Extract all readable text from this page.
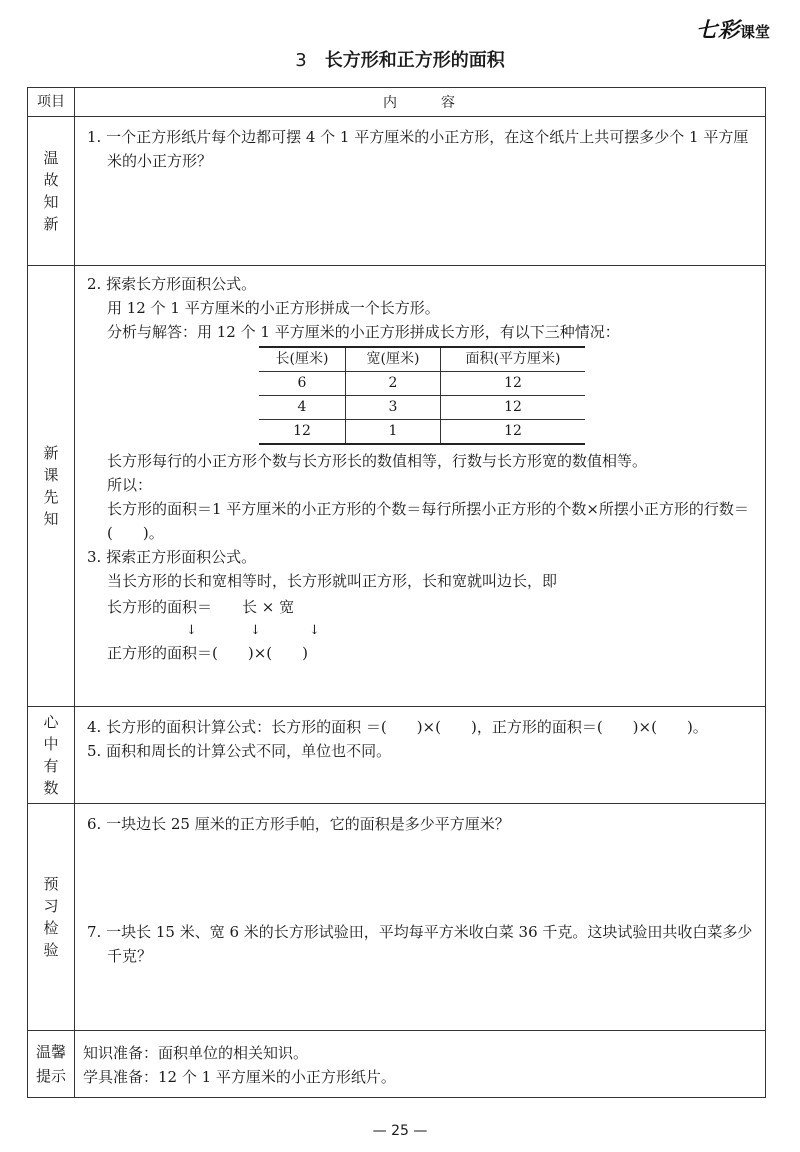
七彩课堂
3 长方形和正方形的面积
项目	内	容
温故知新	

1. 一个正方形纸片每个边都可摆 4 个 1 平方厘米的小正方形，在这个纸片上共可摆多少个 1 平方厘米的小正方形？

新课先知	

2. 探索长方形面积公式。

用 12 个 1 平方厘米的小正方形拼成一个长方形。

分析与解答：用 12 个 1 平方厘米的小正方形拼成长方形，有以下三种情况：

长(厘米)	宽(厘米)	面积(平方厘米)
6	2	12
4	3	12
12	1	12

长方形每行的小正方形个数与长方形长的数值相等，行数与长方形宽的数值相等。

所以：

长方形的面积＝1 平方厘米的小正方形的个数＝每行所摆小正方形的个数×所摆小正方形的行数＝(　　)。

3. 探索正方形面积公式。

当长方形的长和宽相等时，长方形就叫正方形，长和宽就叫边长，即

长方形的面积＝ 长 × 宽
↓	↓	↓

正方形的面积＝(　　)×(　　)

心中有数	

4. 长方形的面积计算公式：长方形的面积 ＝(　　)×(　　)，正方形的面积＝(　　)×(　　)。

5. 面积和周长的计算公式不同，单位也不同。

预习检验	

6. 一块边长 25 厘米的正方形手帕，它的面积是多少平方厘米？

7. 一块长 15 米、宽 6 米的长方形试验田，平均每平方米收白菜 36 千克。这块试验田共收白菜多少千克？

温馨提示	

知识准备：面积单位的相关知识。

学具准备：12 个 1 平方厘米的小正方形纸片。

— 25 —
